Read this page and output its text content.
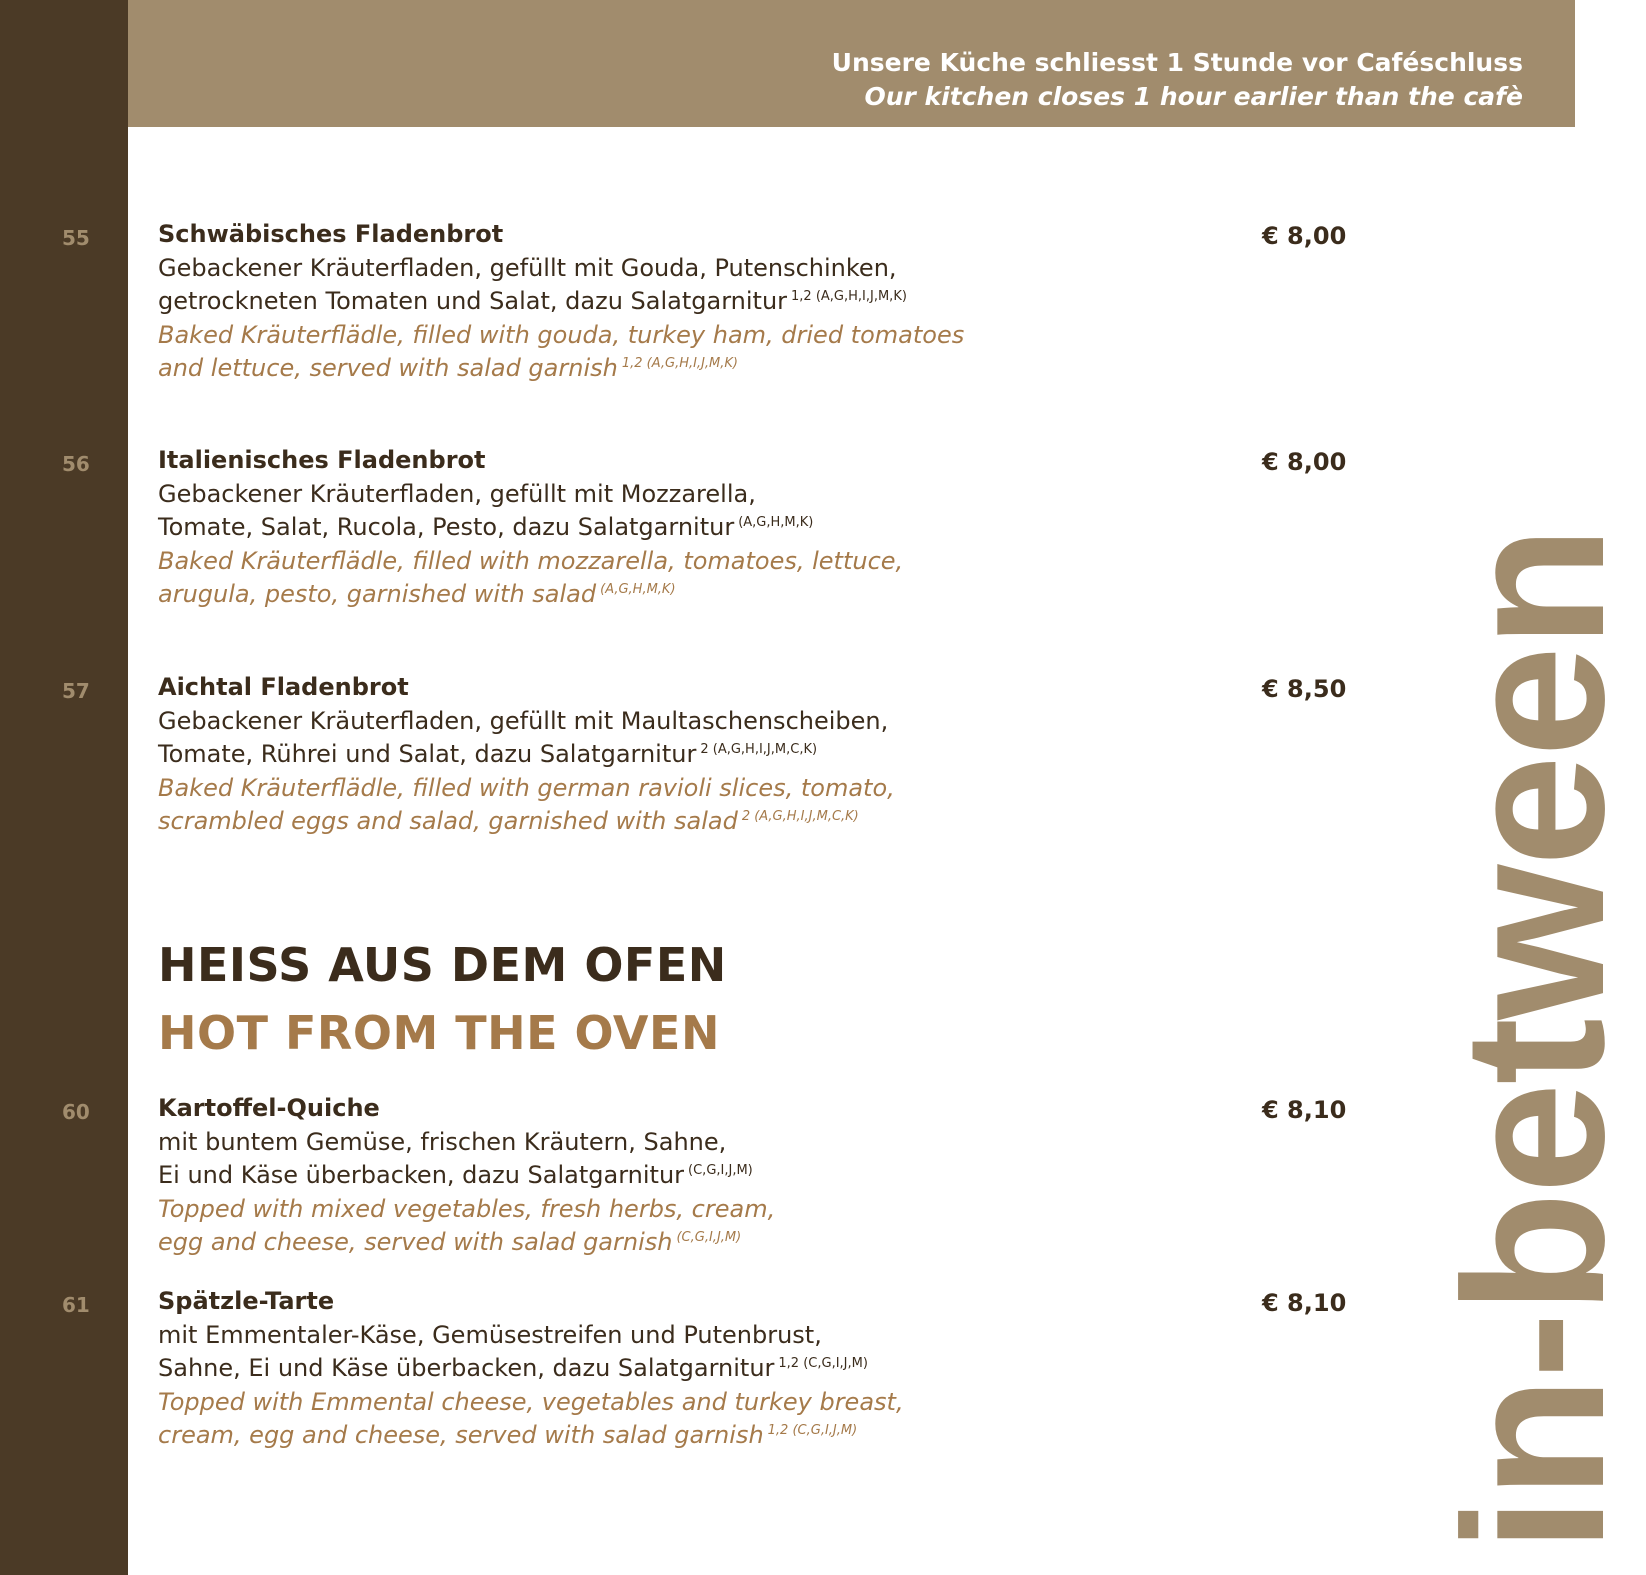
Unsere Küche schliesst 1 Stunde vor Caféschluss
Our kitchen closes 1 hour earlier than the cafè
55	€ 8,00
Schwäbisches Fladenbrot
Gebackener Kräuterfladen, gefüllt mit Gouda, Putenschinken,
getrockneten Tomaten und Salat, dazu Salatgarnitur $^{1,2 (A,G,H,I,J,M,K)}$
Baked Kräuterflädle, filled with gouda, turkey ham, dried tomatoes
and lettuce, served with salad garnish $^{1,2 (A,G,H,I,J,M,K)}$
56	€ 8,00
Italienisches Fladenbrot
Gebackener Kräuterfladen, gefüllt mit Mozzarella,
Tomate, Salat, Rucola, Pesto, dazu Salatgarnitur $^{(A,G,H,M,K)}$
Baked Kräuterflädle, filled with mozzarella, tomatoes, lettuce,
arugula, pesto, garnished with salad $^{(A,G,H,M,K)}$
57	€ 8,50
Aichtal Fladenbrot
Gebackener Kräuterfladen, gefüllt mit Maultaschenscheiben,
Tomate, Rührei und Salat, dazu Salatgarnitur $^{2 (A,G,H,I,J,M,C,K)}$
Baked Kräuterflädle, filled with german ravioli slices, tomato,
scrambled eggs and salad, garnished with salad $^{2 (A,G,H,I,J,M,C,K)}$
HEISS AUS DEM OFEN
HOT FROM THE OVEN
60	€ 8,10
Kartoffel-Quiche
mit buntem Gemüse, frischen Kräutern, Sahne,
Ei und Käse überbacken, dazu Salatgarnitur $^{(C,G,I,J,M)}$
Topped with mixed vegetables, fresh herbs, cream,
egg and cheese, served with salad garnish $^{(C,G,I,J,M)}$
61	€ 8,10
Spätzle-Tarte
mit Emmentaler-Käse, Gemüsestreifen und Putenbrust,
Sahne, Ei und Käse überbacken, dazu Salatgarnitur $^{1,2 (C,G,I,J,M)}$
Topped with Emmental cheese, vegetables and turkey breast,
cream, egg and cheese, served with salad garnish $^{1,2 (C,G,I,J,M)}$	in-between
